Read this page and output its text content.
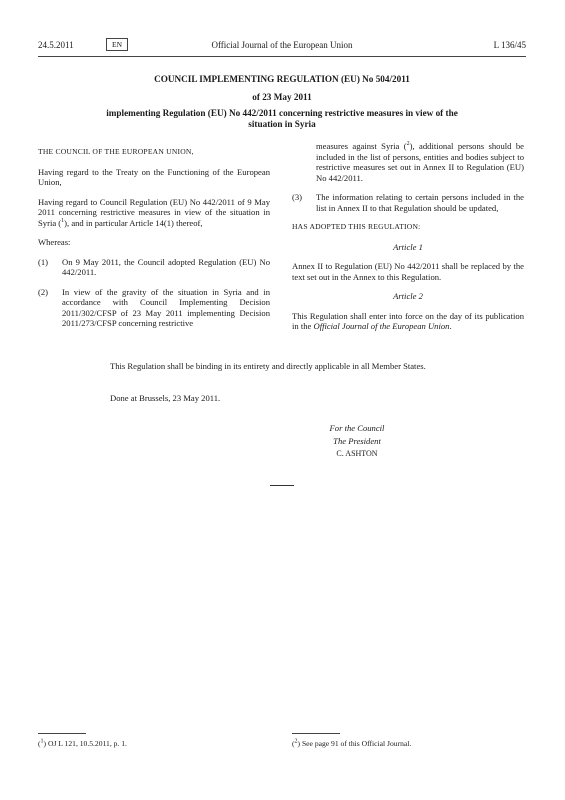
24.5.2011	EN	Official Journal of the European Union	L 136/45
COUNCIL IMPLEMENTING REGULATION (EU) No 504/2011
of 23 May 2011
implementing Regulation (EU) No 442/2011 concerning restrictive measures in view of the
situation in Syria

THE COUNCIL OF THE EUROPEAN UNION,

Having regard to the Treaty on the Functioning of the European Union,

Having regard to Council Regulation (EU) No 442/2011 of 9 May 2011 concerning restrictive measures in view of the situation in Syria ($^1$), and in particular Article 14(1) thereof,

Whereas:

(1)	On 9 May 2011, the Council adopted Regulation (EU) No 442/2011.
(2)	In view of the gravity of the situation in Syria and in accordance with Council Implementing Decision 2011/302/CFSP of 23 May 2011 implementing Decision 2011/273/CFSP concerning restrictive

measures against Syria ($^2$), additional persons should be included in the list of persons, entities and bodies subject to restrictive measures set out in Annex II to Regulation (EU) No 442/2011.

(3)	The information relating to certain persons included in the list in Annex II to that Regulation should be updated,

HAS ADOPTED THIS REGULATION:

Article 1

Annex II to Regulation (EU) No 442/2011 shall be replaced by the text set out in the Annex to this Regulation.

Article 2

This Regulation shall enter into force on the day of its publication in the Official Journal of the European Union.

This Regulation shall be binding in its entirety and directly applicable in all Member States.
Done at Brussels, 23 May 2011.
For the Council
The President
C. ASHTON
($^1$) OJ L 121, 10.5.2011, p. 1.	($^2$) See page 91 of this Official Journal.
